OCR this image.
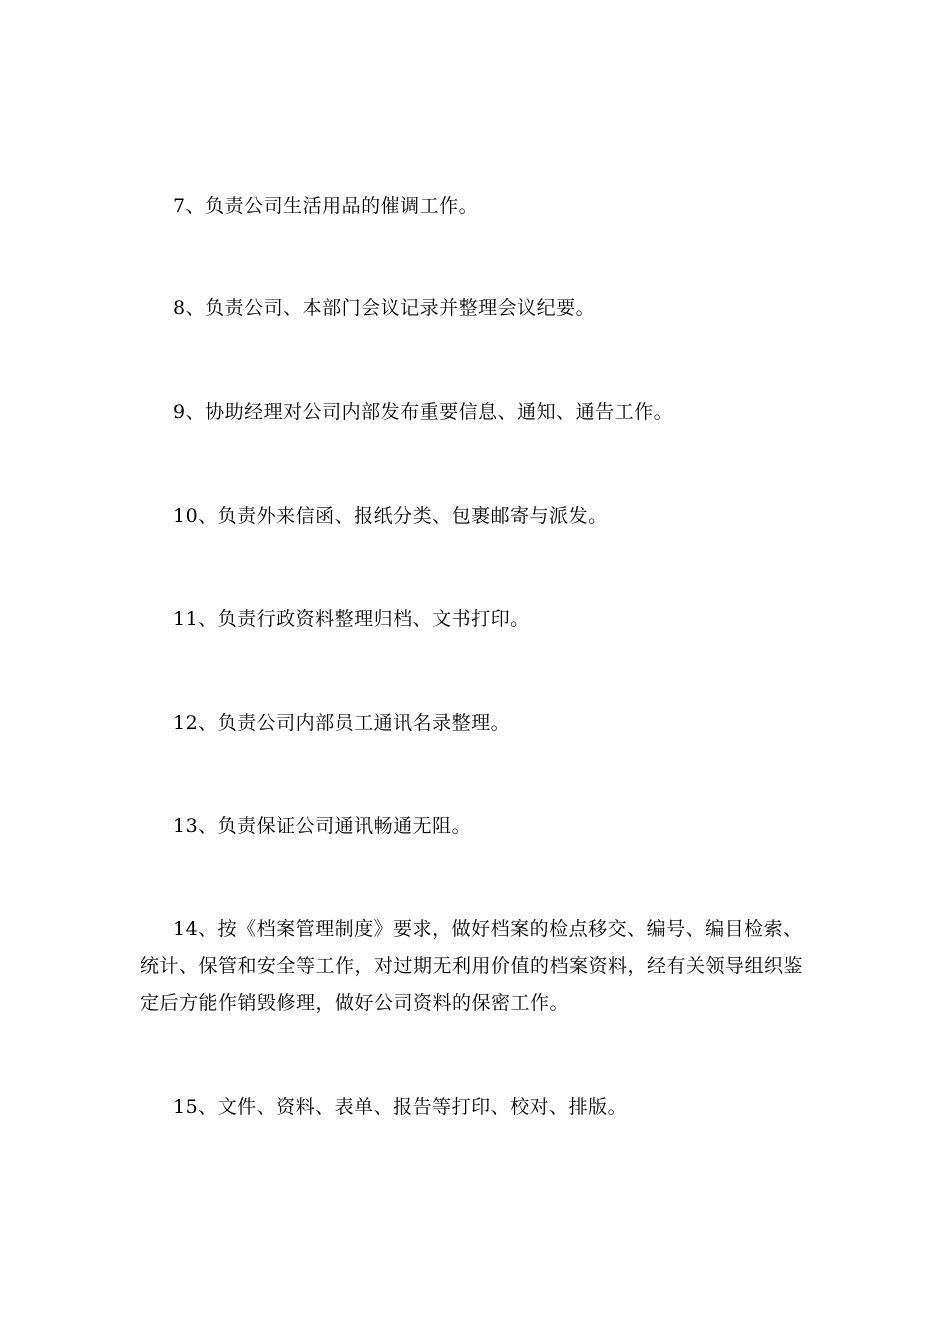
7、负责公司生活用品的催调工作。

8、负责公司、本部门会议记录并整理会议纪要。

9、协助经理对公司内部发布重要信息、通知、通告工作。

10、负责外来信函、报纸分类、包裹邮寄与派发。

11、负责行政资料整理归档、文书打印。

12、负责公司内部员工通讯名录整理。

13、负责保证公司通讯畅通无阻。

14、按《档案管理制度》要求，做好档案的检点移交、编号、编目检索、统计、保管和安全等工作，对过期无利用价值的档案资料，经有关领导组织鉴定后方能作销毁修理，做好公司资料的保密工作。

15、文件、资料、表单、报告等打印、校对、排版。
